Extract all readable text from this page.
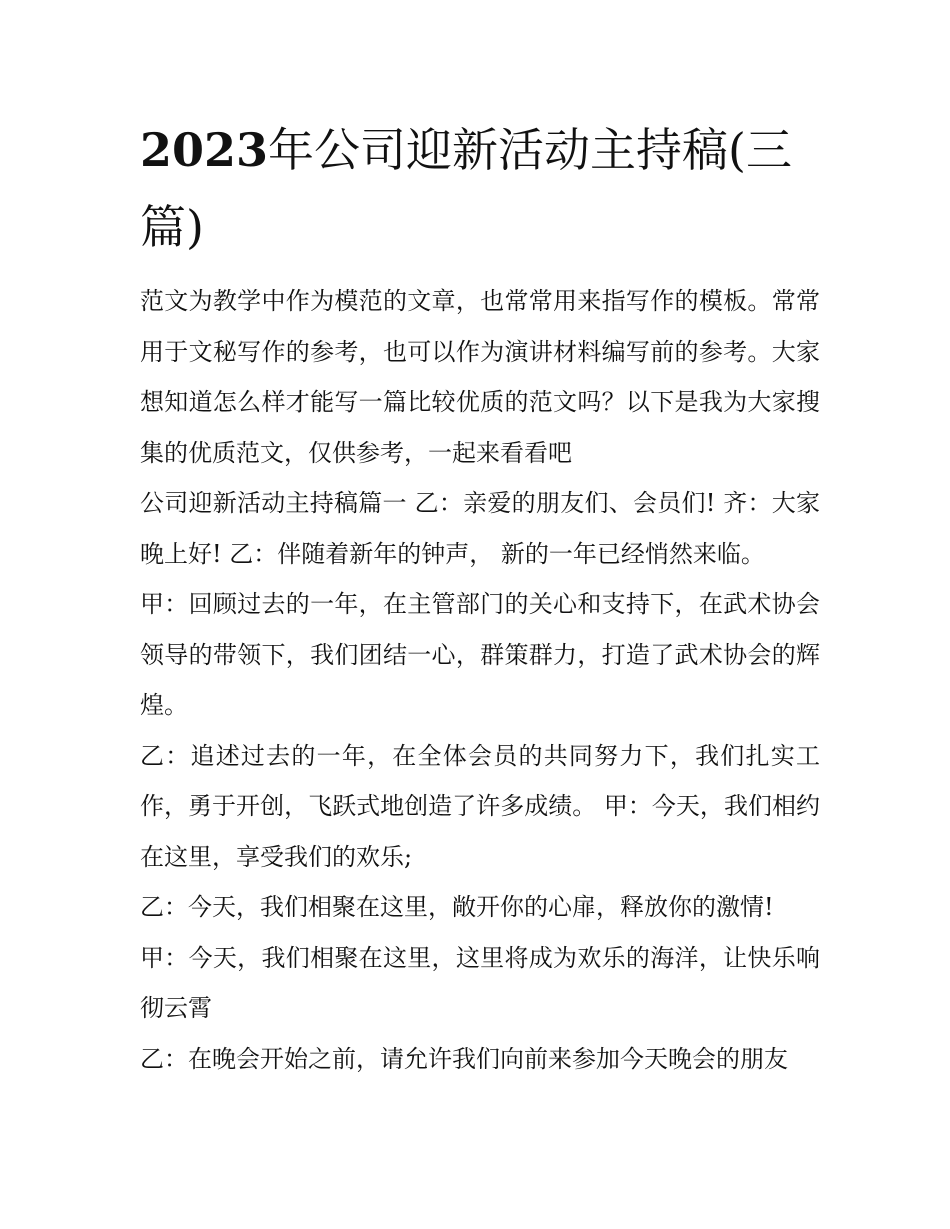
2023年公司迎新活动主持稿(三篇)

范文为教学中作为模范的文章，也常常用来指写作的模板。常常用于文秘写作的参考，也可以作为演讲材料编写前的参考。大家想知道怎么样才能写一篇比较优质的范文吗？以下是我为大家搜集的优质范文，仅供参考，一起来看看吧

公司迎新活动主持稿篇一 乙：亲爱的朋友们、会员们! 齐：大家晚上好! 乙：伴随着新年的钟声， 新的一年已经悄然来临。

甲：回顾过去的一年，在主管部门的关心和支持下，在武术协会领导的带领下，我们团结一心，群策群力，打造了武术协会的辉煌。

乙：追述过去的一年，在全体会员的共同努力下，我们扎实工作，勇于开创，飞跃式地创造了许多成绩。 甲：今天，我们相约在这里，享受我们的欢乐;

乙：今天，我们相聚在这里，敞开你的心扉，释放你的激情!

甲：今天，我们相聚在这里，这里将成为欢乐的海洋，让快乐响彻云霄

乙：在晚会开始之前，请允许我们向前来参加今天晚会的朋友
